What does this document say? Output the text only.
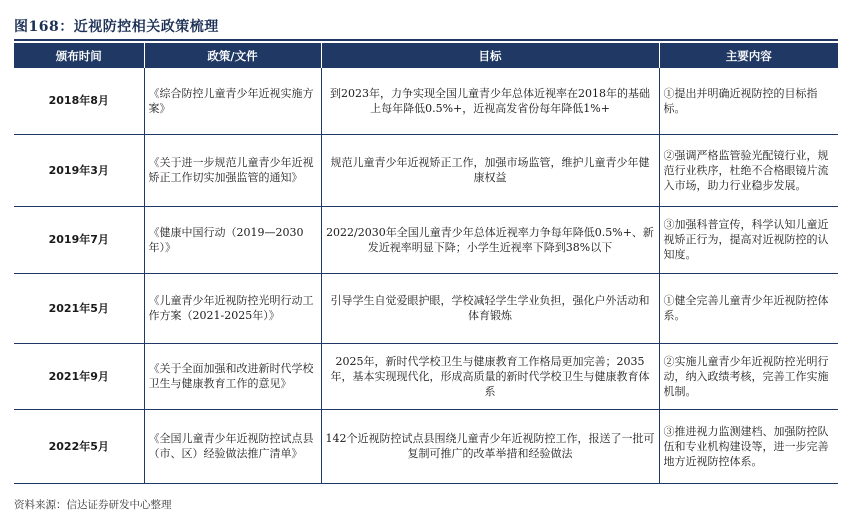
图168：近视防控相关政策梳理
颁布时间	政策/文件	目标	主要内容
2018年8月	《综合防控儿童青少年近视实施方案》	到2023年，力争实现全国儿童青少年总体近视率在2018年的基础上每年降低0.5%+，近视高发省份每年降低1%+	①提出并明确近视防控的目标指标。
2019年3月	《关于进一步规范儿童青少年近视矫正工作切实加强监管的通知》	规范儿童青少年近视矫正工作，加强市场监管，维护儿童青少年健康权益	②强调严格监管验光配镜行业，规范行业秩序，杜绝不合格眼镜片流入市场，助力行业稳步发展。
2019年7月	《健康中国行动（2019—2030年）》	2022/2030年全国儿童青少年总体近视率力争每年降低0.5%+、新发近视率明显下降；小学生近视率下降到38%以下	③加强科普宣传，科学认知儿童近视矫正行为，提高对近视防控的认知度。
2021年5月	《儿童青少年近视防控光明行动工作方案（2021-2025年）》	引导学生自觉爱眼护眼，学校减轻学生学业负担，强化户外活动和体育锻炼	①健全完善儿童青少年近视防控体系。
2021年9月	《关于全面加强和改进新时代学校卫生与健康教育工作的意见》	2025年，新时代学校卫生与健康教育工作格局更加完善；2035年，基本实现现代化，形成高质量的新时代学校卫生与健康教育体系	②实施儿童青少年近视防控光明行动，纳入政绩考核，完善工作实施机制。
2022年5月	《全国儿童青少年近视防控试点县（市、区）经验做法推广清单》	142个近视防控试点县围绕儿童青少年近视防控工作，报送了一批可复制可推广的改革举措和经验做法	③推进视力监测建档、加强防控队伍和专业机构建设等，进一步完善地方近视防控体系。
资料来源：信达证券研发中心整理
